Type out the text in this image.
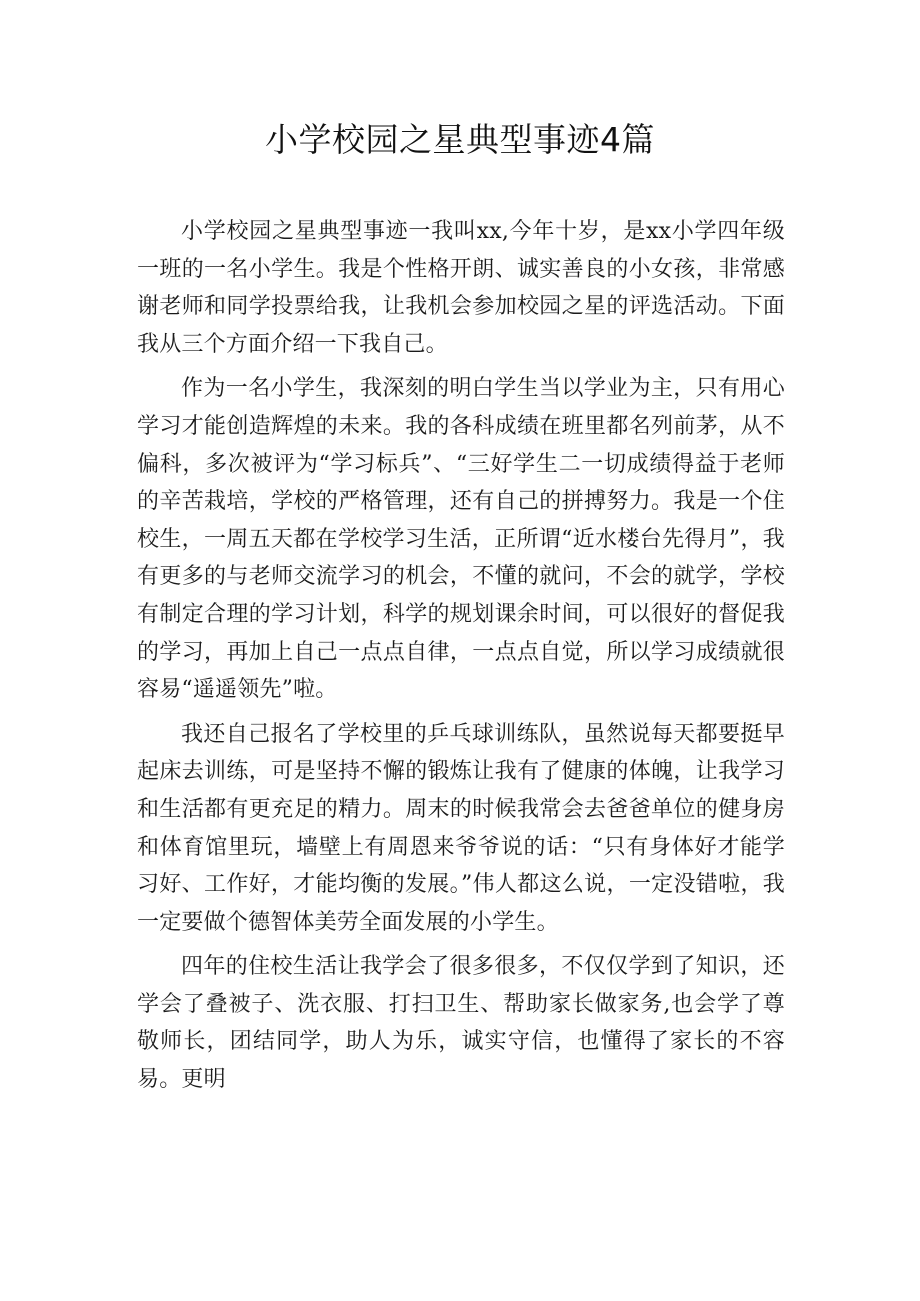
小学校园之星典型事迹4篇

小学校园之星典型事迹一我叫xx,今年十岁，是xx小学四年级一班的一名小学生。我是个性格开朗、诚实善良的小女孩，非常感谢老师和同学投票给我，让我机会参加校园之星的评选活动。下面我从三个方面介绍一下我自己。

作为一名小学生，我深刻的明白学生当以学业为主，只有用心学习才能创造辉煌的未来。我的各科成绩在班里都名列前茅，从不偏科，多次被评为“学习标兵”、“三好学生二一切成绩得益于老师的辛苦栽培，学校的严格管理，还有自己的拼搏努力。我是一个住校生，一周五天都在学校学习生活，正所谓“近水楼台先得月”，我有更多的与老师交流学习的机会，不懂的就问，不会的就学，学校有制定合理的学习计划，科学的规划课余时间，可以很好的督促我的学习，再加上自己一点点自律，一点点自觉，所以学习成绩就很容易“遥遥领先”啦。

我还自己报名了学校里的乒乓球训练队，虽然说每天都要挺早起床去训练，可是坚持不懈的锻炼让我有了健康的体魄，让我学习和生活都有更充足的精力。周末的时候我常会去爸爸单位的健身房和体育馆里玩，墙壁上有周恩来爷爷说的话：“只有身体好才能学习好、工作好，才能均衡的发展。”伟人都这么说，一定没错啦，我一定要做个德智体美劳全面发展的小学生。

四年的住校生活让我学会了很多很多，不仅仅学到了知识，还学会了叠被子、洗衣服、打扫卫生、帮助家长做家务,也会学了尊敬师长，团结同学，助人为乐，诚实守信，也懂得了家长的不容易。更明
